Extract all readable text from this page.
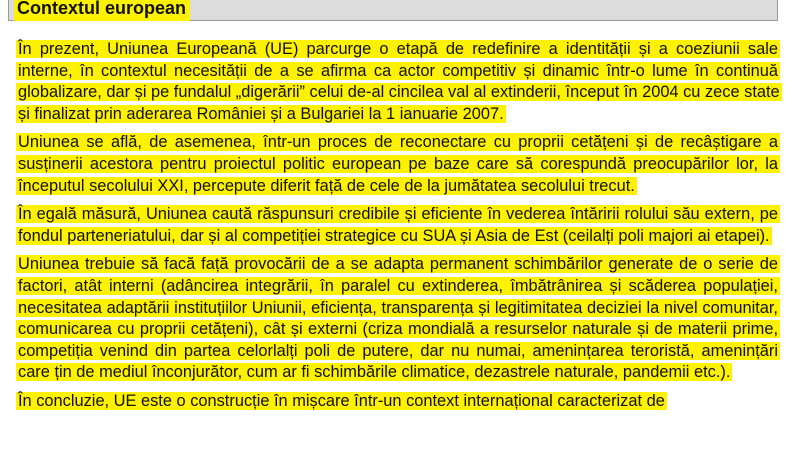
Contextul european

În prezent, Uniunea Europeană (UE) parcurge o etapă de redefinire a identității și a coeziunii sale interne, în contextul necesității de a se afirma ca actor competitiv și dinamic într-o lume în continuă globalizare, dar și pe fundalul „digerării” celui de-al cincilea val al extinderii, început în 2004 cu zece state și finalizat prin aderarea României și a Bulgariei la 1 ianuarie 2007.

Uniunea se află, de asemenea, într-un proces de reconectare cu proprii cetățeni și de recâștigare a susținerii acestora pentru proiectul politic european pe baze care să corespundă preocupărilor lor, la începutul secolului XXI, percepute diferit față de cele de la jumătatea secolului trecut.

În egală măsură, Uniunea caută răspunsuri credibile și eficiente în vederea întăririi rolului său extern, pe fondul parteneriatului, dar și al competiției strategice cu SUA și Asia de Est (ceilalți poli majori ai etapei).

Uniunea trebuie să facă față provocării de a se adapta permanent schimbărilor generate de o serie de factori, atât interni (adâncirea integrării, în paralel cu extinderea, îmbătrânirea și scăderea populației, necesitatea adaptării instituțiilor Uniunii, eficiența, transparența și legitimitatea deciziei la nivel comunitar, comunicarea cu proprii cetățeni), cât și externi (criza mondială a resurselor naturale și de materii prime, competiția venind din partea celorlalți poli de putere, dar nu numai, amenințarea teroristă, amenințări care țin de mediul înconjurător, cum ar fi schimbările climatice, dezastrele naturale, pandemii etc.).

În concluzie, UE este o construcție în mișcare într-un context internațional caracterizat de
